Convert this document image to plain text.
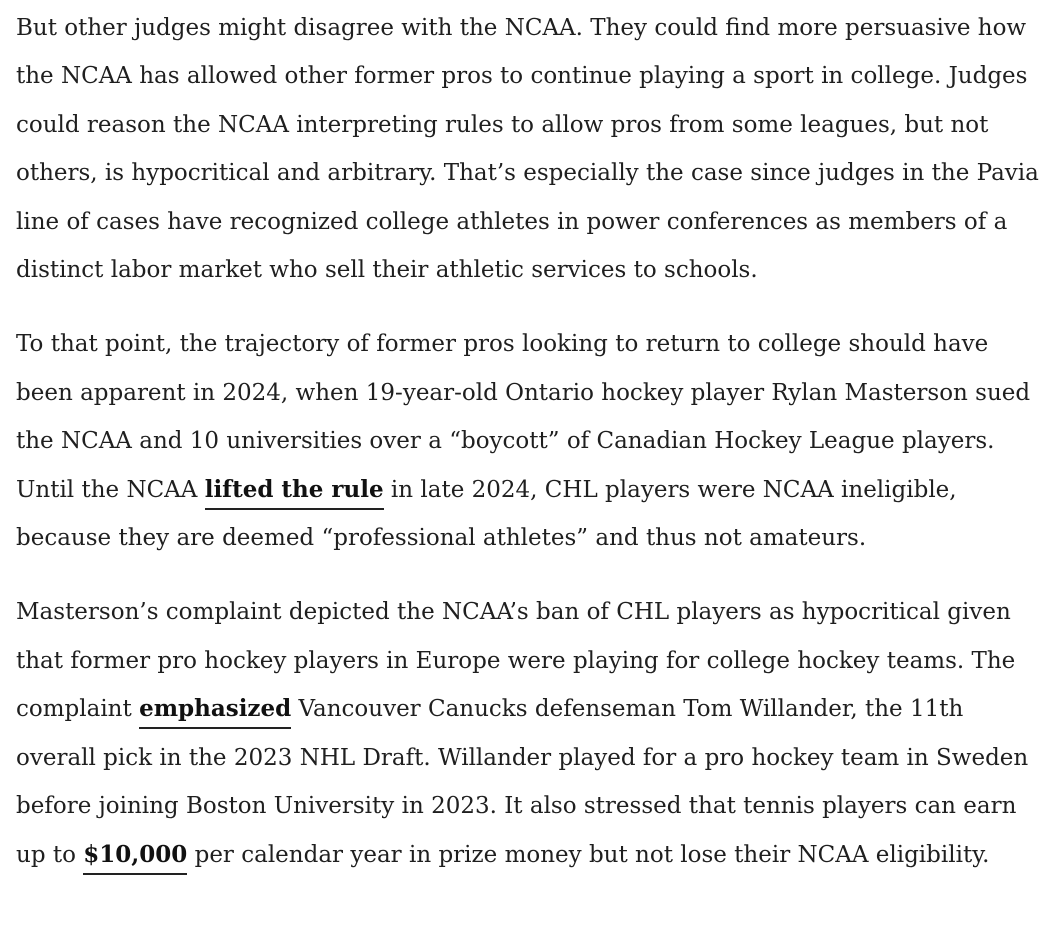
But other judges might disagree with the NCAA. They could find more persuasive how the NCAA has allowed other former pros to continue playing a sport in college. Judges could reason the NCAA interpreting rules to allow pros from some leagues, but not others, is hypocritical and arbitrary. That’s especially the case since judges in the Pavia line of cases have recognized college athletes in power conferences as members of a distinct labor market who sell their athletic services to schools.

To that point, the trajectory of former pros looking to return to college should have been apparent in 2024, when 19-year-old Ontario hockey player Rylan Masterson sued the NCAA and 10 universities over a “boycott” of Canadian Hockey League players. Until the NCAA lifted the rule in late 2024, CHL players were NCAA ineligible, because they are deemed “professional athletes” and thus not amateurs.

Masterson’s complaint depicted the NCAA’s ban of CHL players as hypocritical given that former pro hockey players in Europe were playing for college hockey teams. The complaint emphasized Vancouver Canucks defenseman Tom Willander, the 11th overall pick in the 2023 NHL Draft. Willander played for a pro hockey team in Sweden before joining Boston University in 2023. It also stressed that tennis players can earn up to $10,000 per calendar year in prize money but not lose their NCAA eligibility.
